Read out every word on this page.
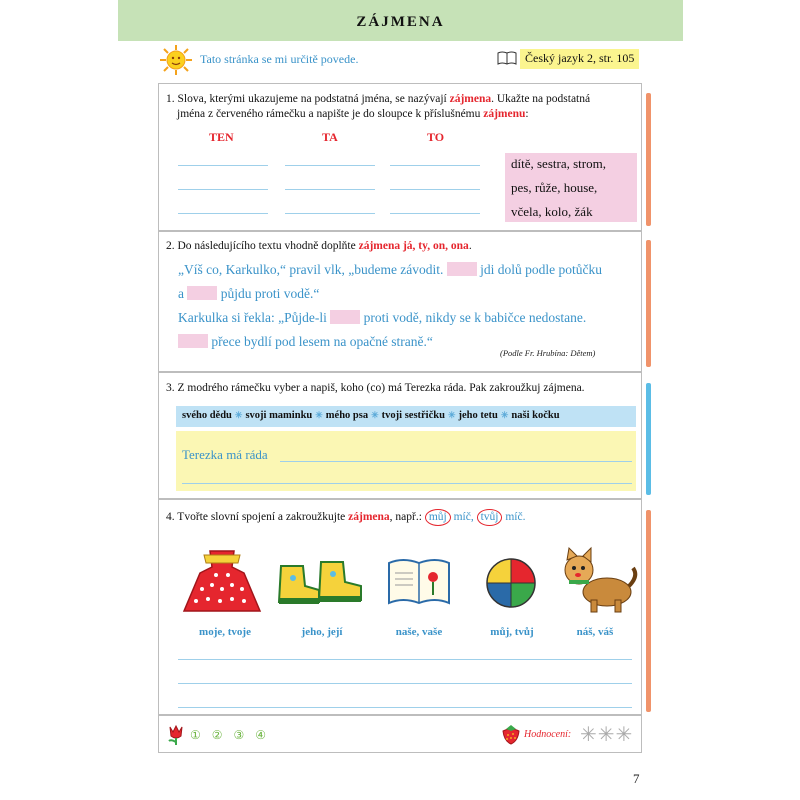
ZÁJMENA
Tato stránka se mi určitě povede.	Český jazyk 2, str. 105
1. Slova, kterými ukazujeme na podstatná jména, se nazývají zájmena. Ukažte na podstatná
jména z červeného rámečku a napište je do sloupce k příslušnému zájmenu:
TEN	TA	TO
dítě, sestra, strom,
pes, růže, house,
včela, kolo, žák
2. Do následujícího textu vhodně doplňte zájmena já, ty, on, ona.
„Víš co, Karkulko,“ pravil vlk, „budeme závodit.  jdi dolů podle potůčku
a  půjdu proti vodě.“
Karkulka si řekla: „Půjde-li  proti vodě, nikdy se k babičce nedostane.
přece bydlí pod lesem na opačné straně.“
(Podle Fr. Hrubína: Dětem)
3. Z modrého rámečku vyber a napiš, koho (co) má Terezka ráda. Pak zakroužkuj zájmena.
svého dědu ✳ svoji maminku ✳ mého psa ✳ tvoji sestřičku ✳ jeho tetu ✳ naši kočku
Terezka má ráda
4. Tvořte slovní spojení a zakroužkujte zájmena, např.: můj míč, tvůj míč.
moje, tvoje	jeho, její	naše, vaše	můj, tvůj	náš, váš
① ② ③ ④	Hodnocení: ✳✳✳
7
